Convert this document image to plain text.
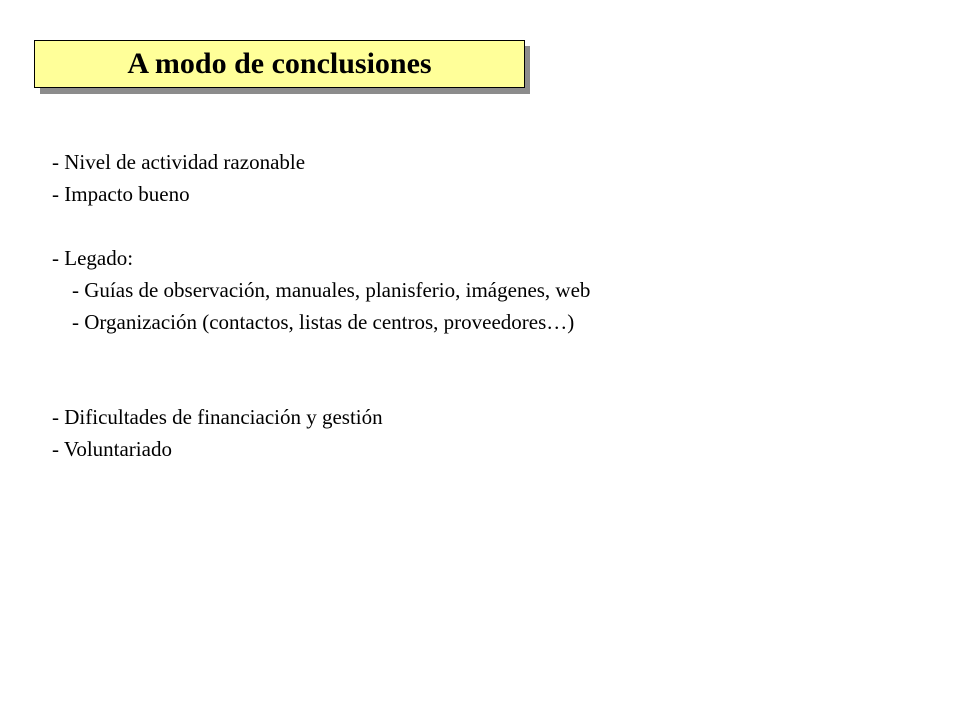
A modo de conclusiones
- Nivel de actividad razonable
- Impacto bueno
- Legado:
- Guías de observación, manuales, planisferio, imágenes, web
- Organización (contactos, listas de centros, proveedores…)
- Dificultades de financiación y gestión
- Voluntariado
